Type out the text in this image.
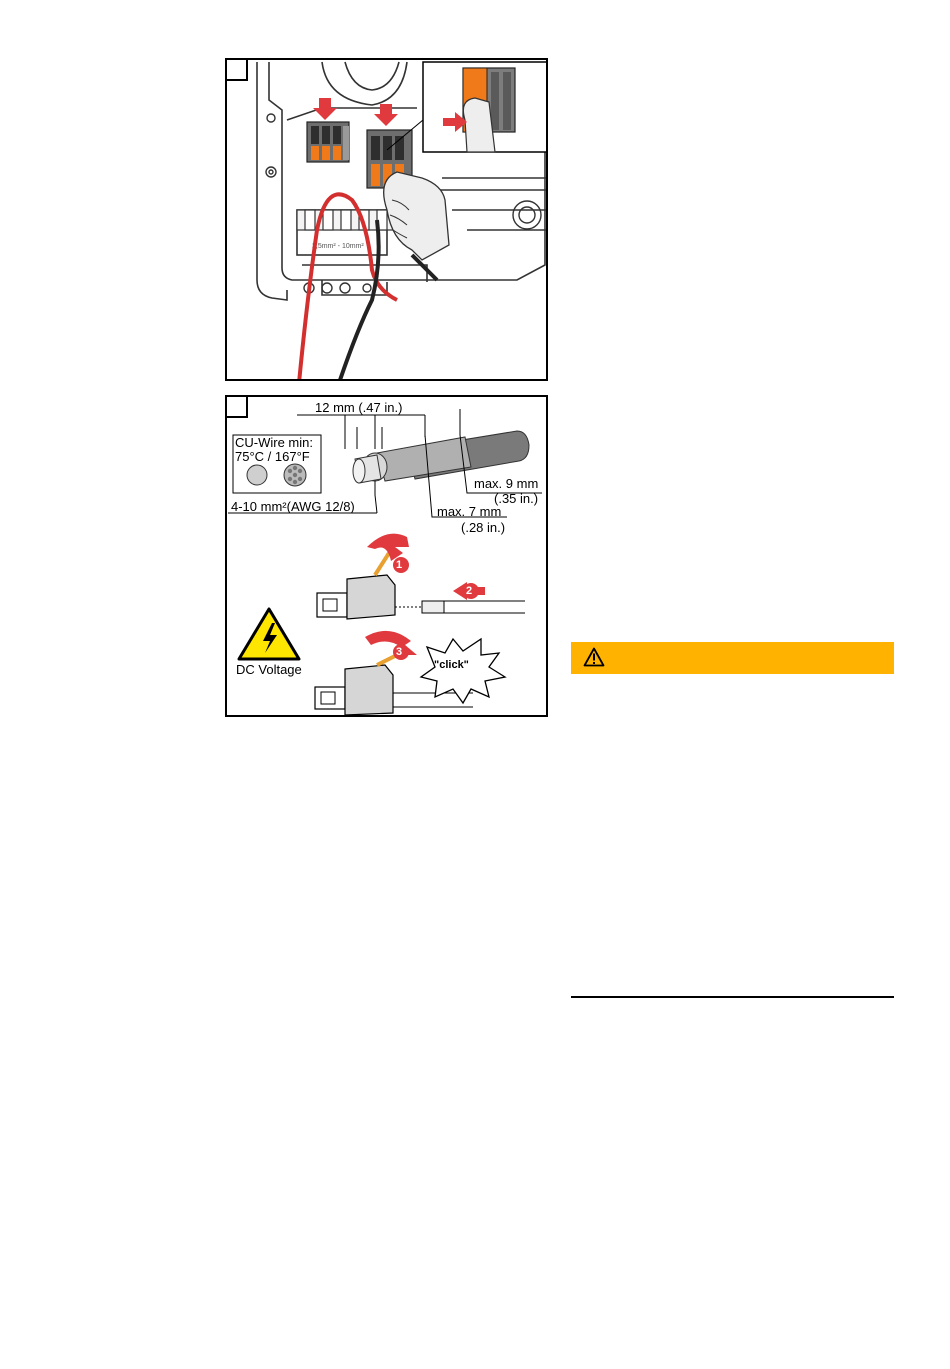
2,5mm² - 10mm²
1
2
3
"click"
12 mm (.47 in.)
CU-Wire min:
75°C / 167°F
4-10 mm²(AWG 12/8)
max. 9 mm
(.35 in.)
max. 7 mm
(.28 in.)
DC Voltage
